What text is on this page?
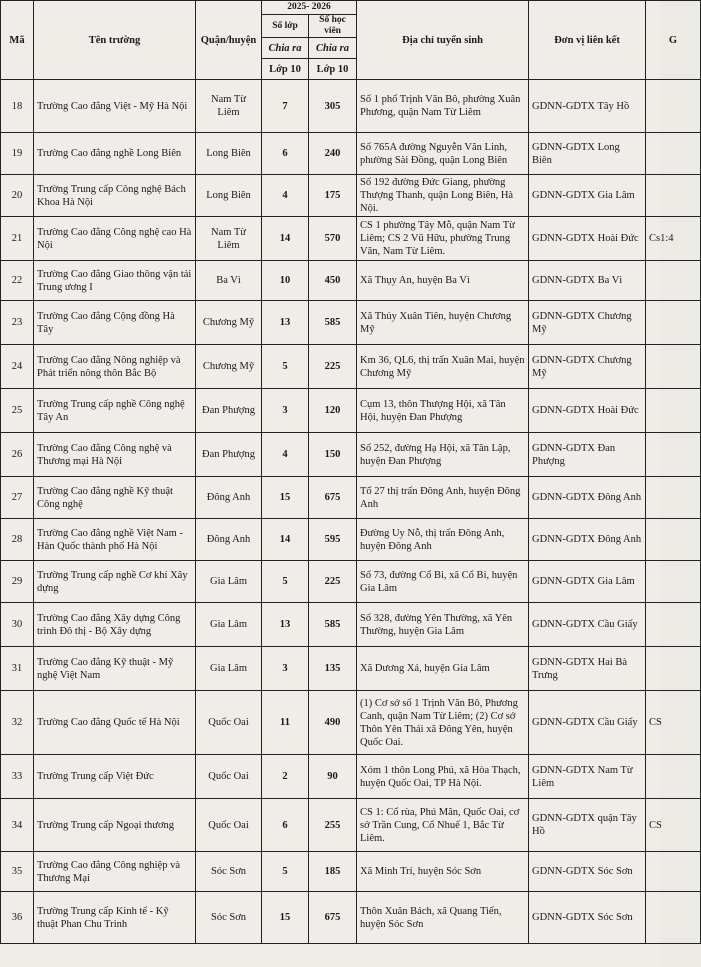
Mã	Tên trường	Quận/huyện	2025- 2026		Địa chỉ tuyển sinh	Đơn vị liên kết	G
			Số lớp	Số học viên			
			Chia ra	Chia ra			
			Lớp 10	Lớp 10			
18	Trường Cao đẳng Việt - Mỹ Hà Nội	Nam Từ Liêm	7	305	Số 1 phố Trịnh Văn Bô, phường Xuân Phương, quận Nam Từ Liêm	GDNN-GDTX Tây Hồ	
19	Trường Cao đẳng nghề Long Biên	Long Biên	6	240	Số 765A đường Nguyễn Văn Linh, phường Sài Đồng, quận Long Biên	GDNN-GDTX Long Biên	
20	Trường Trung cấp Công nghệ Bách Khoa Hà Nội	Long Biên	4	175	Số 192 đường Đức Giang, phường Thượng Thanh, quận Long Biên, Hà Nội.	GDNN-GDTX Gia Lâm	
21	Trường Cao đẳng Công nghệ cao Hà Nội	Nam Từ Liêm	14	570	CS 1 phường Tây Mỗ, quận Nam Từ Liêm; CS 2 Vũ Hữu, phường Trung Văn, Nam Từ Liêm.	GDNN-GDTX Hoài Đức	Cs1:4
22	Trường Cao đẳng Giao thông vận tải Trung ương I	Ba Vì	10	450	Xã Thụy An, huyện Ba Vì	GDNN-GDTX Ba Vì	
23	Trường Cao đẳng Cộng đồng Hà Tây	Chương Mỹ	13	585	Xã Thủy Xuân Tiên, huyện Chương Mỹ	GDNN-GDTX Chương Mỹ	
24	Trường Cao đẳng Nông nghiệp và Phát triển nông thôn Bắc Bộ	Chương Mỹ	5	225	Km 36, QL6, thị trấn Xuân Mai, huyện Chương Mỹ	GDNN-GDTX Chương Mỹ	
25	Trường Trung cấp nghề Công nghệ Tây An	Đan Phượng	3	120	Cụm 13, thôn Thượng Hội, xã Tân Hội, huyện Đan Phượng	GDNN-GDTX Hoài Đức	
26	Trường Cao đẳng Công nghệ và Thương mại Hà Nội	Đan Phượng	4	150	Số 252, đường Hạ Hội, xã Tân Lập, huyện Đan Phượng	GDNN-GDTX Đan Phượng	
27	Trường Cao đẳng nghề Kỹ thuật Công nghệ	Đông Anh	15	675	Tổ 27 thị trấn Đông Anh, huyện Đông Anh	GDNN-GDTX Đông Anh	
28	Trường Cao đẳng nghề Việt Nam - Hàn Quốc thành phố Hà Nội	Đông Anh	14	595	Đường Uy Nỗ, thị trấn Đông Anh, huyện Đông Anh	GDNN-GDTX Đông Anh	
29	Trường Trung cấp nghề Cơ khí Xây dựng	Gia Lâm	5	225	Số 73, đường Cổ Bi, xã Cổ Bi, huyện Gia Lâm	GDNN-GDTX Gia Lâm	
30	Trường Cao đẳng Xây dựng Công trình Đô thị - Bộ Xây dựng	Gia Lâm	13	585	Số 328, đường Yên Thường, xã Yên Thường, huyện Gia Lâm	GDNN-GDTX Cầu Giấy	
31	Trường Cao đẳng Kỹ thuật - Mỹ nghệ Việt Nam	Gia Lâm	3	135	Xã Dương Xá, huyện Gia Lâm	GDNN-GDTX Hai Bà Trưng	
32	Trường Cao đẳng Quốc tế Hà Nội	Quốc Oai	11	490	(1) Cơ sở số 1 Trịnh Văn Bô, Phương Canh, quận Nam Từ Liêm; (2) Cơ sở Thôn Yên Thái xã Đông Yên, huyện Quốc Oai.	GDNN-GDTX Cầu Giấy	CS
33	Trường Trung cấp Việt Đức	Quốc Oai	2	90	Xóm 1 thôn Long Phú, xã Hòa Thạch, huyện Quốc Oai, TP Hà Nội.	GDNN-GDTX Nam Từ Liêm	
34	Trường Trung cấp Ngoại thương	Quốc Oai	6	255	CS 1: Cổ rùa, Phú Mãn, Quốc Oai, cơ sở Trần Cung, Cổ Nhuế 1, Bắc Từ Liêm.	GDNN-GDTX quận Tây Hồ	CS
35	Trường Cao đẳng Công nghiệp và Thương Mại	Sóc Sơn	5	185	Xã Minh Trí, huyện Sóc Sơn	GDNN-GDTX Sóc Sơn	
36	Trường Trung cấp Kinh tế - Kỹ thuật Phan Chu Trinh	Sóc Sơn	15	675	Thôn Xuân Bách, xã Quang Tiến, huyện Sóc Sơn	GDNN-GDTX Sóc Sơn	
